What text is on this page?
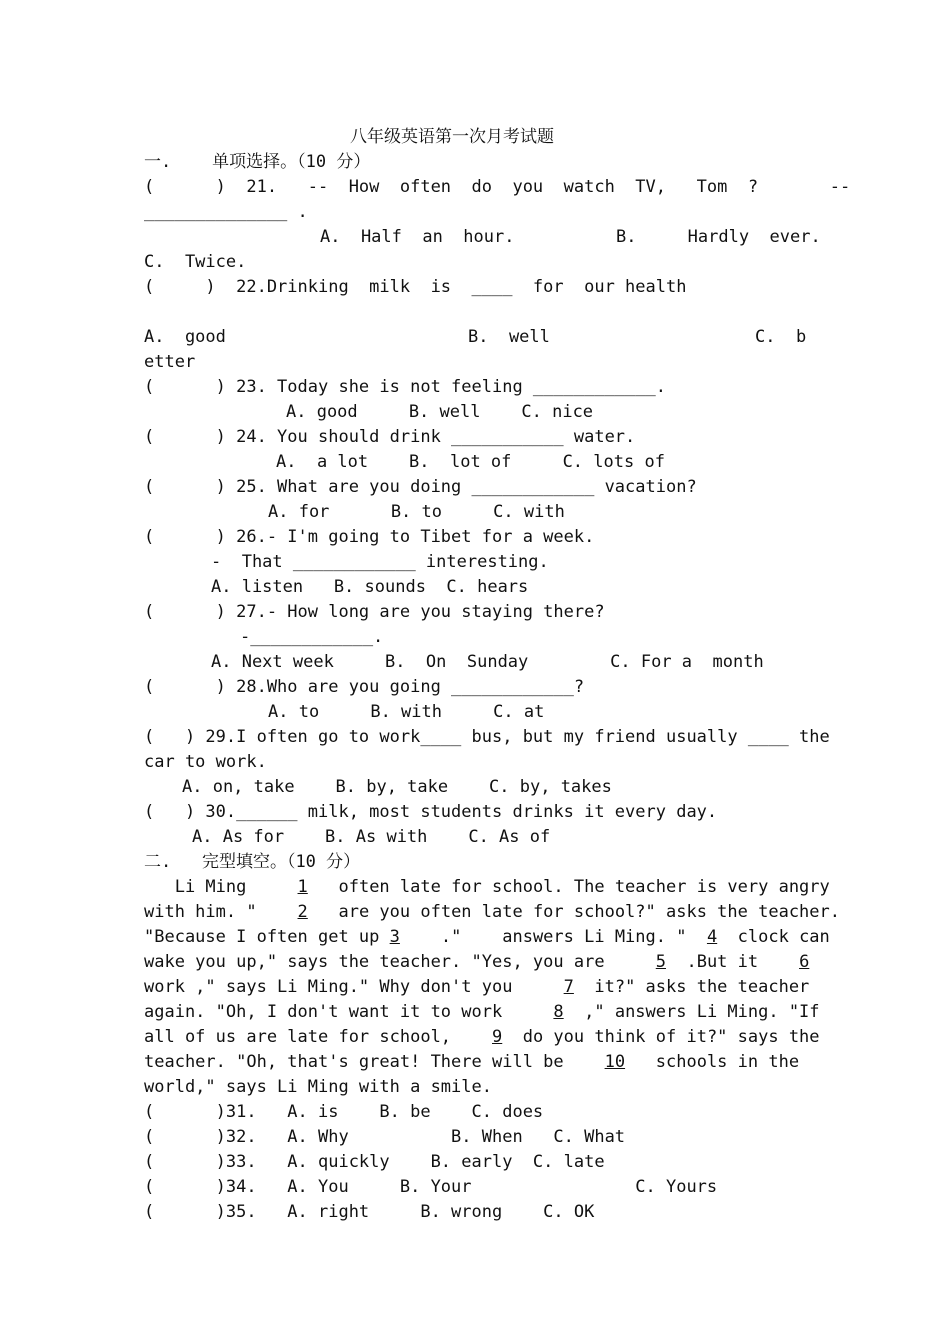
八年级英语第一次月考试题
一.    单项选择。（10 分）
(      )  21.   --  How  often  do  you  watch  TV,   Tom  ?       --
______________ .
A.  Half  an  hour.	B.     Hardly  ever.
C.  Twice.
(     )  22.Drinking  milk  is  ____  for  our health
A.  good	B.  well	C.  b
etter
(      ) 23. Today she is not feeling ____________.
A. good     B. well    C. nice
(      ) 24. You should drink ___________ water.
A.  a lot    B.  lot of     C. lots of
(      ) 25. What are you doing ____________ vacation?
A. for      B. to     C. with
(      ) 26.- I'm going to Tibet for a week.
-  That ____________ interesting.
A. listen   B. sounds  C. hears
(      ) 27.- How long are you staying there?
-____________.
A. Next week     B.  On  Sunday        C. For a  month
(      ) 28.Who are you going ____________?
A. to     B. with     C. at
(   ) 29.I often go to work____ bus, but my friend usually ____ the
car to work.
A. on, take    B. by, take    C. by, takes
(   ) 30.______ milk, most students drinks it every day.
A. As for    B. As with    C. As of
二.   完型填空。（10 分）
Li Ming     1   often late for school. The teacher is very angry
with him. "    2   are you often late for school?" asks the teacher.
"Because I often get up 3    ."    answers Li Ming. "  4  clock can
wake you up," says the teacher. "Yes, you are     5  .But it    6
work ," says Li Ming." Why don't you     7  it?" asks the teacher
again. "Oh, I don't want it to work     8  ," answers Li Ming. "If
all of us are late for school,    9  do you think of it?" says the
teacher. "Oh, that's great! There will be    10   schools in the
world," says Li Ming with a smile.
(      )31.   A. is    B. be    C. does
(      )32.   A. Why          B. When   C. What
(      )33.   A. quickly    B. early  C. late
(      )34.   A. You     B. Your                C. Yours
(      )35.   A. right     B. wrong    C. OK
